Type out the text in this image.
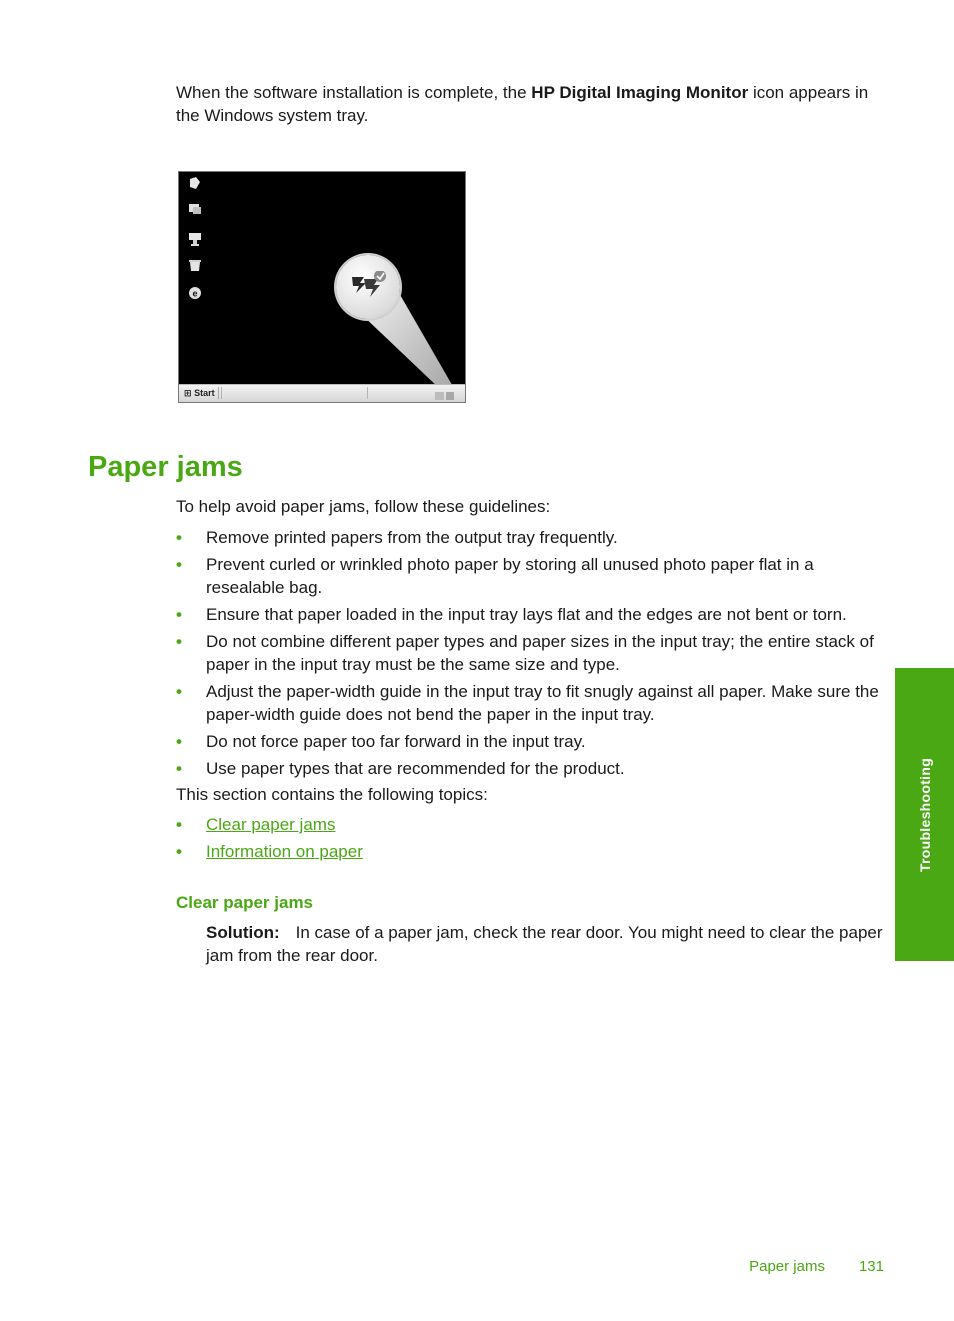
When the software installation is complete, the HP Digital Imaging Monitor icon appears in the Windows system tray.

e
⊞ Start
Paper jams

To help avoid paper jams, follow these guidelines:

• Remove printed papers from the output tray frequently.
• Prevent curled or wrinkled photo paper by storing all unused photo paper flat in a resealable bag.
• Ensure that paper loaded in the input tray lays flat and the edges are not bent or torn.
• Do not combine different paper types and paper sizes in the input tray; the entire stack of paper in the input tray must be the same size and type.
• Adjust the paper-width guide in the input tray to fit snugly against all paper. Make sure the paper-width guide does not bend the paper in the input tray.
• Do not force paper too far forward in the input tray.
• Use paper types that are recommended for the product.

This section contains the following topics:

• Clear paper jams
• Information on paper
Clear paper jams

Solution: In case of a paper jam, check the rear door. You might need to clear the paper jam from the rear door.

Troubleshooting
Paper jams 131
